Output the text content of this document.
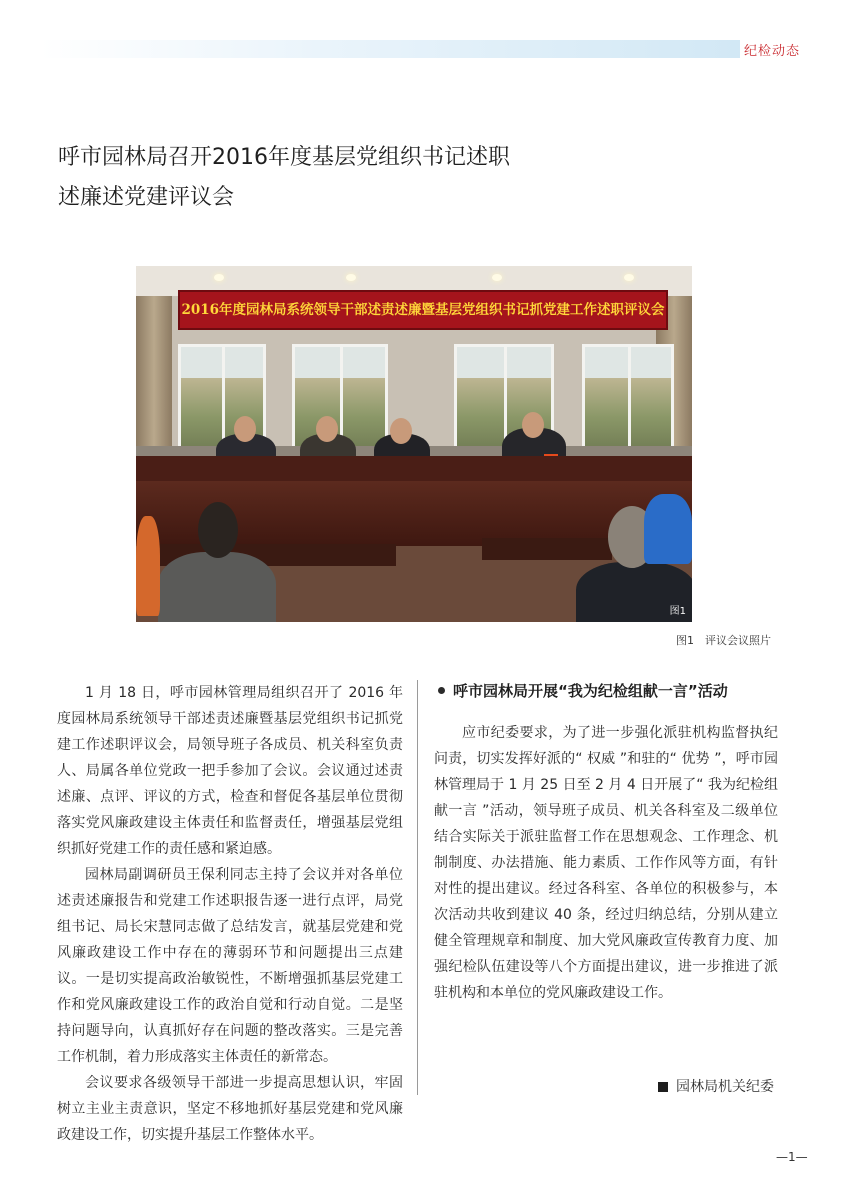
纪检动态
呼市园林局召开2016年度基层党组织书记述职
述廉述党建评议会
2016年度园林局系统领导干部述责述廉暨基层党组织书记抓党建工作述职评议会
图1
图1　评议会议照片

1 月 18 日，呼市园林管理局组织召开了 2016 年度园林局系统领导干部述责述廉暨基层党组织书记抓党建工作述职评议会，局领导班子各成员、机关科室负责人、局属各单位党政一把手参加了会议。会议通过述责述廉、点评、评议的方式，检查和督促各基层单位贯彻落实党风廉政建设主体责任和监督责任，增强基层党组织抓好党建工作的责任感和紧迫感。

园林局副调研员王保利同志主持了会议并对各单位述责述廉报告和党建工作述职报告逐一进行点评，局党组书记、局长宋慧同志做了总结发言，就基层党建和党风廉政建设工作中存在的薄弱环节和问题提出三点建议。一是切实提高政治敏锐性，不断增强抓基层党建工作和党风廉政建设工作的政治自觉和行动自觉。二是坚持问题导向，认真抓好存在问题的整改落实。三是完善工作机制，着力形成落实主体责任的新常态。

会议要求各级领导干部进一步提高思想认识，牢固树立主业主责意识，坚定不移地抓好基层党建和党风廉政建设工作，切实提升基层工作整体水平。

呼市园林局开展“我为纪检组献一言”活动

应市纪委要求，为了进一步强化派驻机构监督执纪问责，切实发挥好派的“ 权威 ”和驻的“ 优势 ”，呼市园林管理局于 1 月 25 日至 2 月 4 日开展了“ 我为纪检组献一言 ”活动，领导班子成员、机关各科室及二级单位结合实际关于派驻监督工作在思想观念、工作理念、机制制度、办法措施、能力素质、工作作风等方面，有针对性的提出建议。经过各科室、各单位的积极参与，本次活动共收到建议 40 条，经过归纳总结，分别从建立健全管理规章和制度、加大党风廉政宣传教育力度、加强纪检队伍建设等八个方面提出建议，进一步推进了派驻机构和本单位的党风廉政建设工作。

园林局机关纪委
—1—
